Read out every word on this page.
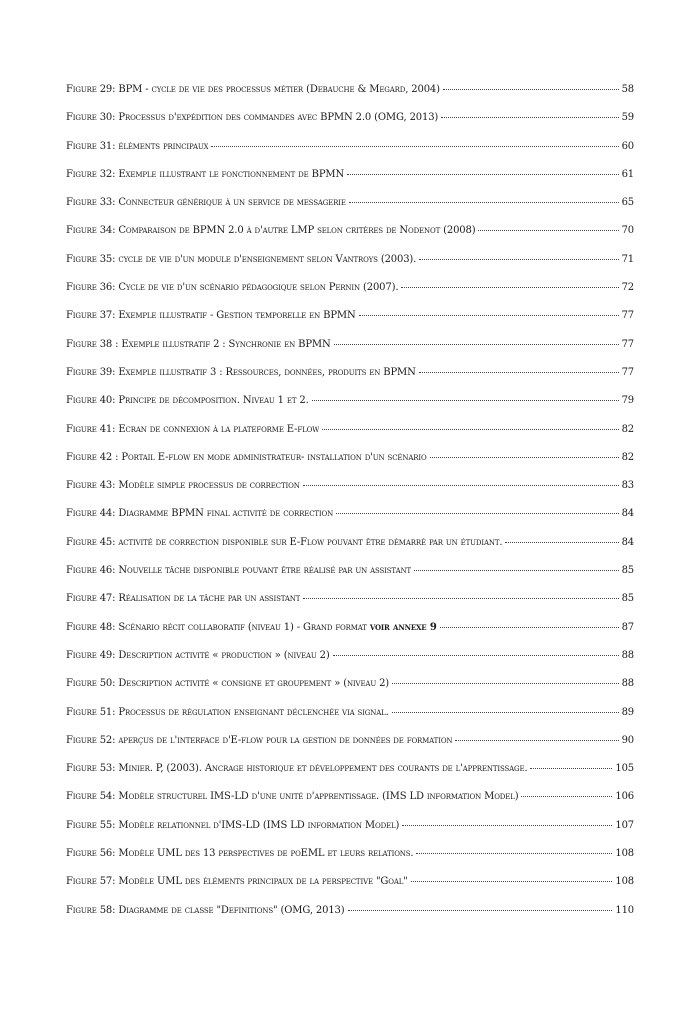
Figure 29: BPM - cycle de vie des processus métier (Debauche & Megard, 2004)	58
Figure 30: Processus d'expédition des commandes avec BPMN 2.0 (OMG, 2013)	59
Figure 31: éléments principaux	60
Figure 32: Exemple illustrant le fonctionnement de BPMN	61
Figure 33: Connecteur générique à un service de messagerie	65
Figure 34: Comparaison de BPMN 2.0 à d'autre LMP selon critères de Nodenot (2008)	70
Figure 35: cycle de vie d'un module d'enseignement selon Vantroys (2003).	71
Figure 36: Cycle de vie d'un scénario pédagogique selon Pernin (2007).	72
Figure 37: Exemple illustratif - Gestion temporelle en BPMN	77
Figure 38 : Exemple illustratif 2 : Synchronie en BPMN	77
Figure 39: Exemple illustratif 3 : Ressources, données, produits en BPMN	77
Figure 40: Principe de décomposition. Niveau 1 et 2.	79
Figure 41: Écran de connexion à la plateforme E-flow	82
Figure 42 : Portail E-flow en mode administrateur- installation d'un scénario	82
Figure 43: Modèle simple processus de correction	83
Figure 44: Diagramme BPMN final activité de correction	84
Figure 45: activité de correction disponible sur E-Flow pouvant être démarré par un étudiant.	84
Figure 46: Nouvelle tâche disponible pouvant être réalisé par un assistant	85
Figure 47: Réalisation de la tâche par un assistant	85
Figure 48: Scénario récit collaboratif (niveau 1) - Grand format voir annexe 9	87
Figure 49: Description activité « production » (niveau 2)	88
Figure 50: Description activité « consigne et groupement » (niveau 2)	88
Figure 51: Processus de régulation enseignant déclenchée via signal.	89
Figure 52: aperçus de l'interface d'E-flow pour la gestion de données de formation	90
Figure 53: Minier. P, (2003). Ancrage historique et développement des courants de l'apprentissage.	105
Figure 54: Modèle structurel IMS-LD d'une unité d'apprentissage. (IMS LD information Model)	106
Figure 55: Modèle relationnel d'IMS-LD (IMS LD information Model)	107
Figure 56: Modèle UML des 13 perspectives de poEML et leurs relations.	108
Figure 57: Modèle UML des éléments principaux de la perspective "Goal"	108
Figure 58: Diagramme de classe "Definitions" (OMG, 2013)	110
